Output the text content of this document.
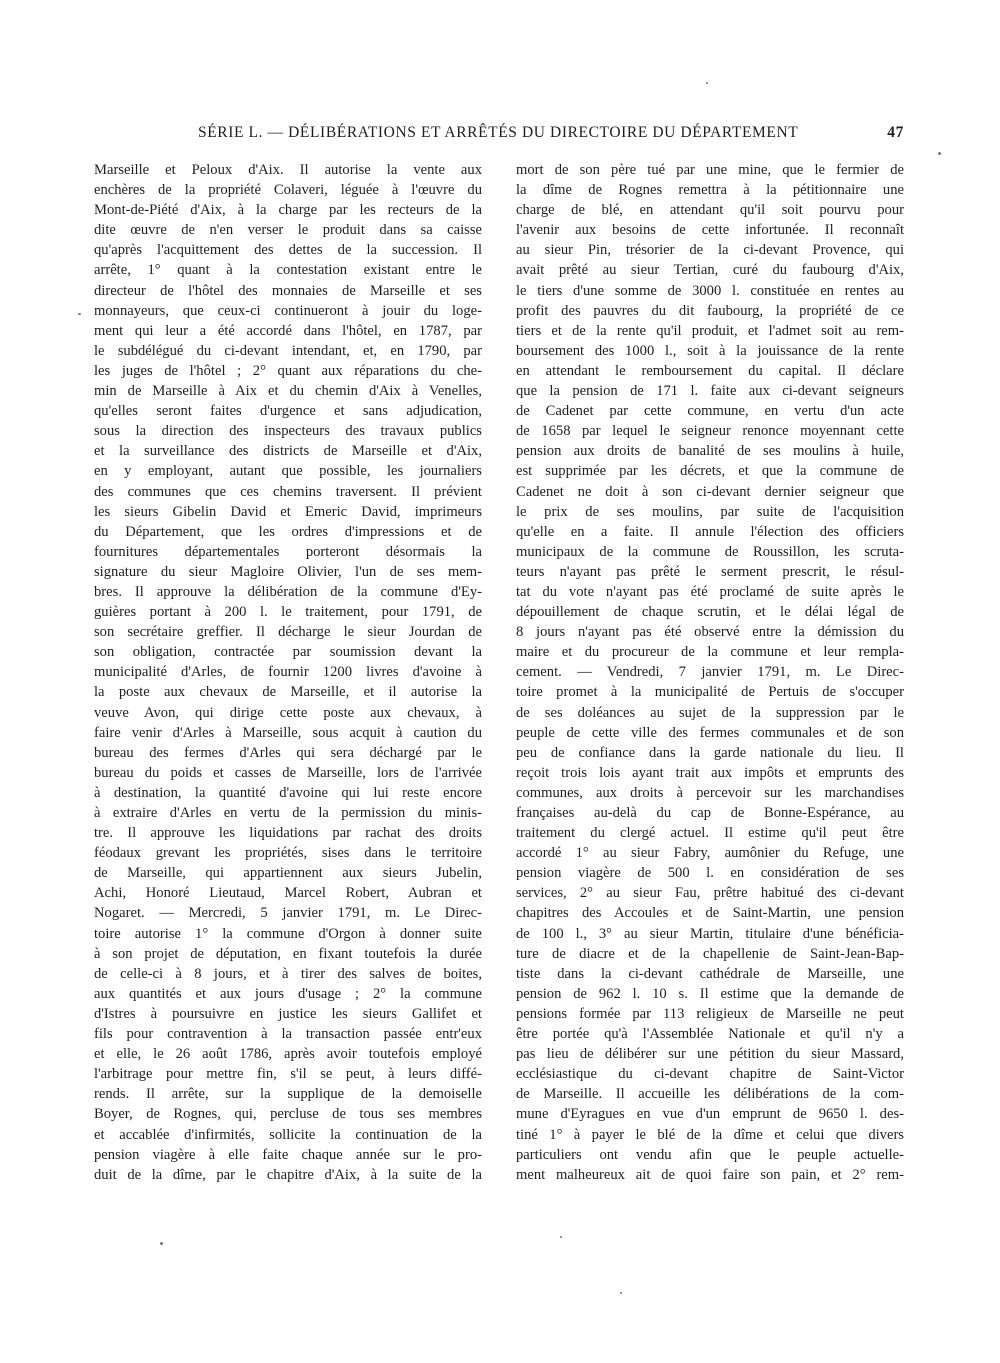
SÉRIE L. — DÉLIBÉRATIONS ET ARRÊTÉS DU DIRECTOIRE DU DÉPARTEMENT	47
Marseille et Peloux d'Aix. Il autorise la vente aux
enchères de la propriété Colaveri, léguée à l'œuvre du
Mont-de-Piété d'Aix, à la charge par les recteurs de la
dite œuvre de n'en verser le produit dans sa caisse
qu'après l'acquittement des dettes de la succession. Il
arrête, 1° quant à la contestation existant entre le
directeur de l'hôtel des monnaies de Marseille et ses
monnayeurs, que ceux-ci continueront à jouir du loge-
ment qui leur a été accordé dans l'hôtel, en 1787, par
le subdélégué du ci-devant intendant, et, en 1790, par
les juges de l'hôtel ; 2° quant aux réparations du che-
min de Marseille à Aix et du chemin d'Aix à Venelles,
qu'elles seront faites d'urgence et sans adjudication,
sous la direction des inspecteurs des travaux publics
et la surveillance des districts de Marseille et d'Aix,
en y employant, autant que possible, les journaliers
des communes que ces chemins traversent. Il prévient
les sieurs Gibelin David et Emeric David, imprimeurs
du Département, que les ordres d'impressions et de
fournitures départementales porteront désormais la
signature du sieur Magloire Olivier, l'un de ses mem-
bres. Il approuve la délibération de la commune d'Ey-
guières portant à 200 l. le traitement, pour 1791, de
son secrétaire greffier. Il décharge le sieur Jourdan de
son obligation, contractée par soumission devant la
municipalité d'Arles, de fournir 1200 livres d'avoine à
la poste aux chevaux de Marseille, et il autorise la
veuve Avon, qui dirige cette poste aux chevaux, à
faire venir d'Arles à Marseille, sous acquit à caution du
bureau des fermes d'Arles qui sera déchargé par le
bureau du poids et casses de Marseille, lors de l'arrivée
à destination, la quantité d'avoine qui lui reste encore
à extraire d'Arles en vertu de la permission du minis-
tre. Il approuve les liquidations par rachat des droits
féodaux grevant les propriétés, sises dans le territoire
de Marseille, qui appartiennent aux sieurs Jubelin,
Achi, Honoré Lieutaud, Marcel Robert, Aubran et
Nogaret. — Mercredi, 5 janvier 1791, m. Le Direc-
toire autorise 1° la commune d'Orgon à donner suite
à son projet de députation, en fixant toutefois la durée
de celle-ci à 8 jours, et à tirer des salves de boites,
aux quantités et aux jours d'usage ; 2° la commune
d'Istres à poursuivre en justice les sieurs Gallifet et
fils pour contravention à la transaction passée entr'eux
et elle, le 26 août 1786, après avoir toutefois employé
l'arbitrage pour mettre fin, s'il se peut, à leurs diffé-
rends. Il arrête, sur la supplique de la demoiselle
Boyer, de Rognes, qui, percluse de tous ses membres
et accablée d'infirmités, sollicite la continuation de la
pension viagère à elle faite chaque année sur le pro-
duit de la dîme, par le chapitre d'Aix, à la suite de la
mort de son père tué par une mine, que le fermier de
la dîme de Rognes remettra à la pétitionnaire une
charge de blé, en attendant qu'il soit pourvu pour
l'avenir aux besoins de cette infortunée. Il reconnaît
au sieur Pin, trésorier de la ci-devant Provence, qui
avait prêté au sieur Tertian, curé du faubourg d'Aix,
le tiers d'une somme de 3000 l. constituée en rentes au
profit des pauvres du dit faubourg, la propriété de ce
tiers et de la rente qu'il produit, et l'admet soit au rem-
boursement des 1000 l., soit à la jouissance de la rente
en attendant le remboursement du capital. Il déclare
que la pension de 171 l. faite aux ci-devant seigneurs
de Cadenet par cette commune, en vertu d'un acte
de 1658 par lequel le seigneur renonce moyennant cette
pension aux droits de banalité de ses moulins à huile,
est supprimée par les décrets, et que la commune de
Cadenet ne doit à son ci-devant dernier seigneur que
le prix de ses moulins, par suite de l'acquisition
qu'elle en a faite. Il annule l'élection des officiers
municipaux de la commune de Roussillon, les scruta-
teurs n'ayant pas prêté le serment prescrit, le résul-
tat du vote n'ayant pas été proclamé de suite après le
dépouillement de chaque scrutin, et le délai légal de
8 jours n'ayant pas été observé entre la démission du
maire et du procureur de la commune et leur rempla-
cement. — Vendredi, 7 janvier 1791, m. Le Direc-
toire promet à la municipalité de Pertuis de s'occuper
de ses doléances au sujet de la suppression par le
peuple de cette ville des fermes communales et de son
peu de confiance dans la garde nationale du lieu. Il
reçoit trois lois ayant trait aux impôts et emprunts des
communes, aux droits à percevoir sur les marchandises
françaises au-delà du cap de Bonne-Espérance, au
traitement du clergé actuel. Il estime qu'il peut être
accordé 1° au sieur Fabry, aumônier du Refuge, une
pension viagère de 500 l. en considération de ses
services, 2° au sieur Fau, prêtre habitué des ci-devant
chapitres des Accoules et de Saint-Martin, une pension
de 100 l., 3° au sieur Martin, titulaire d'une bénéficia-
ture de diacre et de la chapellenie de Saint-Jean-Bap-
tiste dans la ci-devant cathédrale de Marseille, une
pension de 962 l. 10 s. Il estime que la demande de
pensions formée par 113 religieux de Marseille ne peut
être portée qu'à l'Assemblée Nationale et qu'il n'y a
pas lieu de délibérer sur une pétition du sieur Massard,
ecclésiastique du ci-devant chapitre de Saint-Victor
de Marseille. Il accueille les délibérations de la com-
mune d'Eyragues en vue d'un emprunt de 9650 l. des-
tiné 1° à payer le blé de la dîme et celui que divers
particuliers ont vendu afin que le peuple actuelle-
ment malheureux ait de quoi faire son pain, et 2° rem-
